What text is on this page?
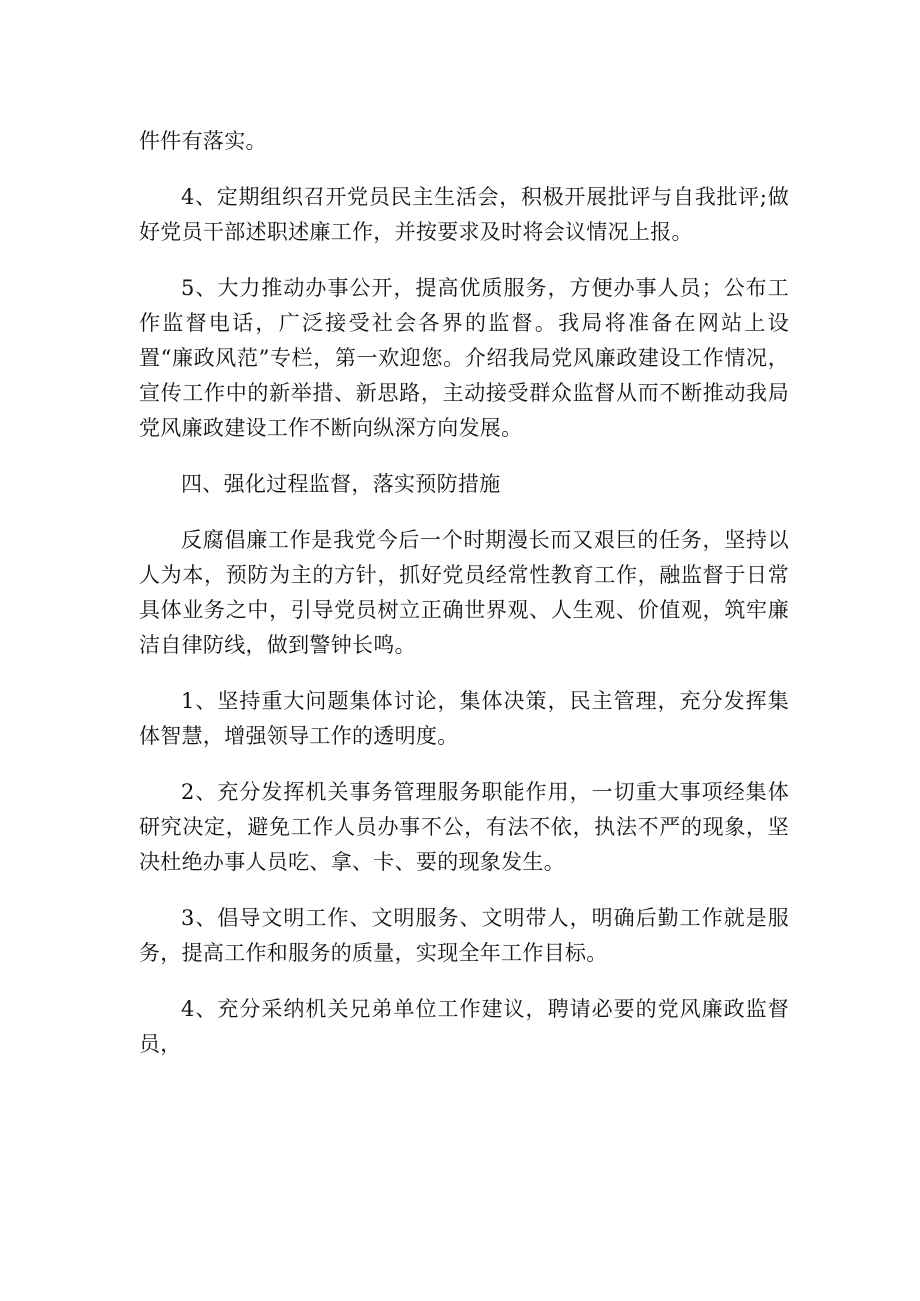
件件有落实。

4、定期组织召开党员民主生活会，积极开展批评与自我批评;做好党员干部述职述廉工作，并按要求及时将会议情况上报。

5、大力推动办事公开，提高优质服务，方便办事人员；公布工作监督电话，广泛接受社会各界的监督。我局将准备在网站上设置“廉政风范”专栏，第一欢迎您。介绍我局党风廉政建设工作情况，宣传工作中的新举措、新思路，主动接受群众监督从而不断推动我局党风廉政建设工作不断向纵深方向发展。

四、强化过程监督，落实预防措施

反腐倡廉工作是我党今后一个时期漫长而又艰巨的任务，坚持以人为本，预防为主的方针，抓好党员经常性教育工作，融监督于日常具体业务之中，引导党员树立正确世界观、人生观、价值观，筑牢廉洁自律防线，做到警钟长鸣。

1、坚持重大问题集体讨论，集体决策，民主管理，充分发挥集体智慧，增强领导工作的透明度。

2、充分发挥机关事务管理服务职能作用，一切重大事项经集体研究决定，避免工作人员办事不公，有法不依，执法不严的现象，坚决杜绝办事人员吃、拿、卡、要的现象发生。

3、倡导文明工作、文明服务、文明带人，明确后勤工作就是服务，提高工作和服务的质量，实现全年工作目标。

4、充分采纳机关兄弟单位工作建议，聘请必要的党风廉政监督员，
